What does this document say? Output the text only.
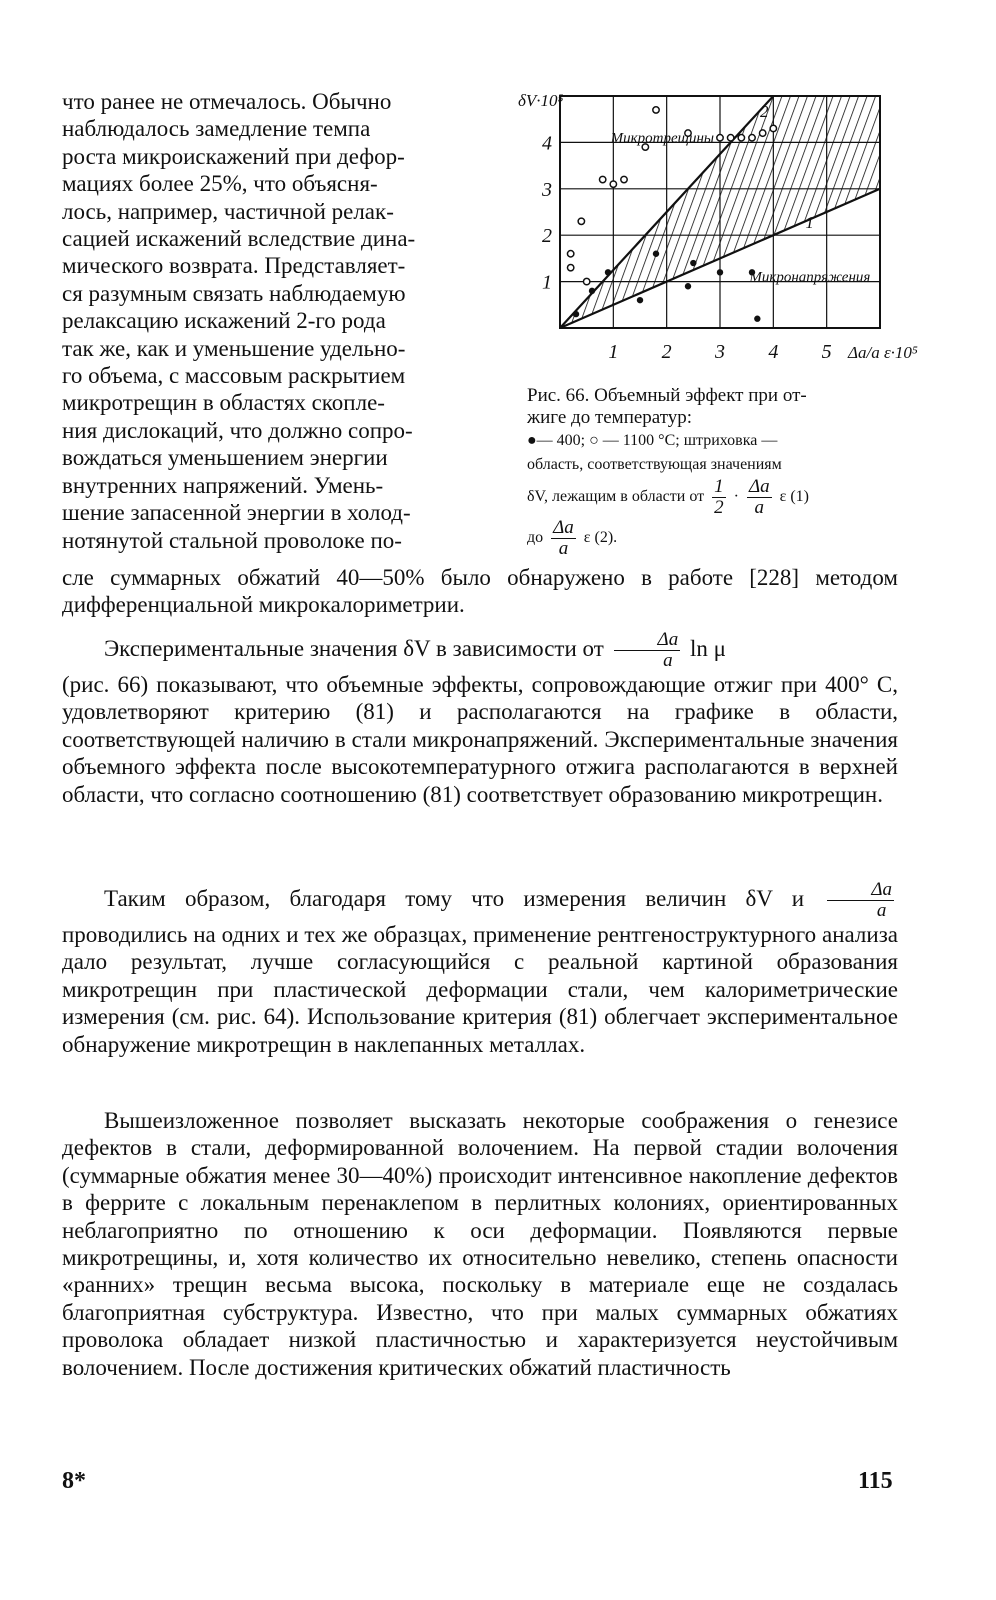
что ранее не отмечалось. Обычно
наблюдалось замедление темпа
роста микроискажений при дефор-
мациях более 25%, что объясня-
лось, например, частичной релак-
сацией искажений вследствие дина-
мического возврата. Представляет-
ся разумным связать наблюдаемую
релаксацию искажений 2-го рода
так же, как и уменьшение удельно-
го объема, с массовым раскрытием
микротрещин в областях скопле-
ния дислокаций, что должно сопро-
вождаться уменьшением энергии
внутренних напряжений. Умень-
шение запасенной энергии в холод-
нотянутой стальной проволоке по-
1 2 3 4 5
1
2
3
4
δV·10⁵
Δa/a ε·10⁵
Микротрещины
Микронапряжения
1
2
Рис. 66. Объемный эффект при от-
жиге до температур:
●— 400; ○ — 1100 °C; штриховка —
область, соответствующая значениям
δV, лежащим в области от $\frac{1}{2} \cdot \frac{\Delta a}{a}$ ε (1)
до $\frac{\Delta a}{a}$ ε (2).

сле суммарных обжатий 40—50% было обнаружено в работе [228] методом дифференциальной микрокалориметрии.

Экспериментальные значения δV в зависимости от $\frac{\Delta a}{a}$ ln μ

(рис. 66) показывают, что объемные эффекты, сопровождающие отжиг при 400° C, удовлетворяют критерию (81) и располагаются на графике в области, соответствующей наличию в стали микронапряжений. Экспериментальные значения объемного эффекта после высокотемпературного отжига располагаются в верхней области, что согласно соотношению (81) соответствует образованию микротрещин.

Таким образом, благодаря тому что измерения величин δV и $\frac{\Delta a}{a}$
проводились на одних и тех же образцах, применение рентгеноструктурного анализа дало результат, лучше согласующийся с реальной картиной образования микротрещин при пластической деформации стали, чем калориметрические измерения (см. рис. 64). Использование критерия (81) облегчает экспериментальное обнаружение микротрещин в наклепанных металлах.

Вышеизложенное позволяет высказать некоторые соображения о генезисе дефектов в стали, деформированной волочением. На первой стадии волочения (суммарные обжатия менее 30—40%) происходит интенсивное накопление дефектов в феррите с локальным перенаклепом в перлитных колониях, ориентированных неблагоприятно по отношению к оси деформации. Появляются первые микротрещины, и, хотя количество их относительно невелико, степень опасности «ранних» трещин весьма высока, поскольку в материале еще не создалась благоприятная субструктура. Известно, что при малых суммарных обжатиях проволока обладает низкой пластичностью и характеризуется неустойчивым волочением. После достижения критических обжатий пластичность

8*	115
